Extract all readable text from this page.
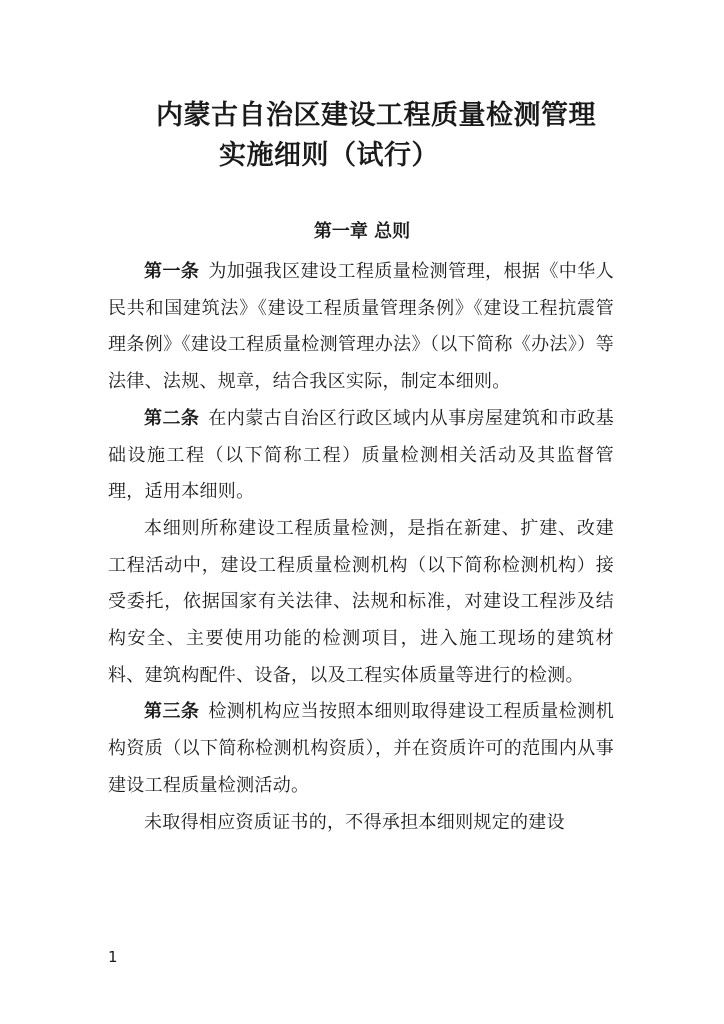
内蒙古自治区建设工程质量检测管理
实施细则（试行）
第一章 总则

第一条 为加强我区建设工程质量检测管理，根据《中华人民共和国建筑法》《建设工程质量管理条例》《建设工程抗震管理条例》《建设工程质量检测管理办法》（以下简称《办法》）等法律、法规、规章，结合我区实际，制定本细则。

第二条 在内蒙古自治区行政区域内从事房屋建筑和市政基础设施工程（以下简称工程）质量检测相关活动及其监督管理，适用本细则。

本细则所称建设工程质量检测，是指在新建、扩建、改建工程活动中，建设工程质量检测机构（以下简称检测机构）接受委托，依据国家有关法律、法规和标准，对建设工程涉及结构安全、主要使用功能的检测项目，进入施工现场的建筑材料、建筑构配件、设备，以及工程实体质量等进行的检测。

第三条 检测机构应当按照本细则取得建设工程质量检测机构资质（以下简称检测机构资质），并在资质许可的范围内从事建设工程质量检测活动。

未取得相应资质证书的，不得承担本细则规定的建设

1
